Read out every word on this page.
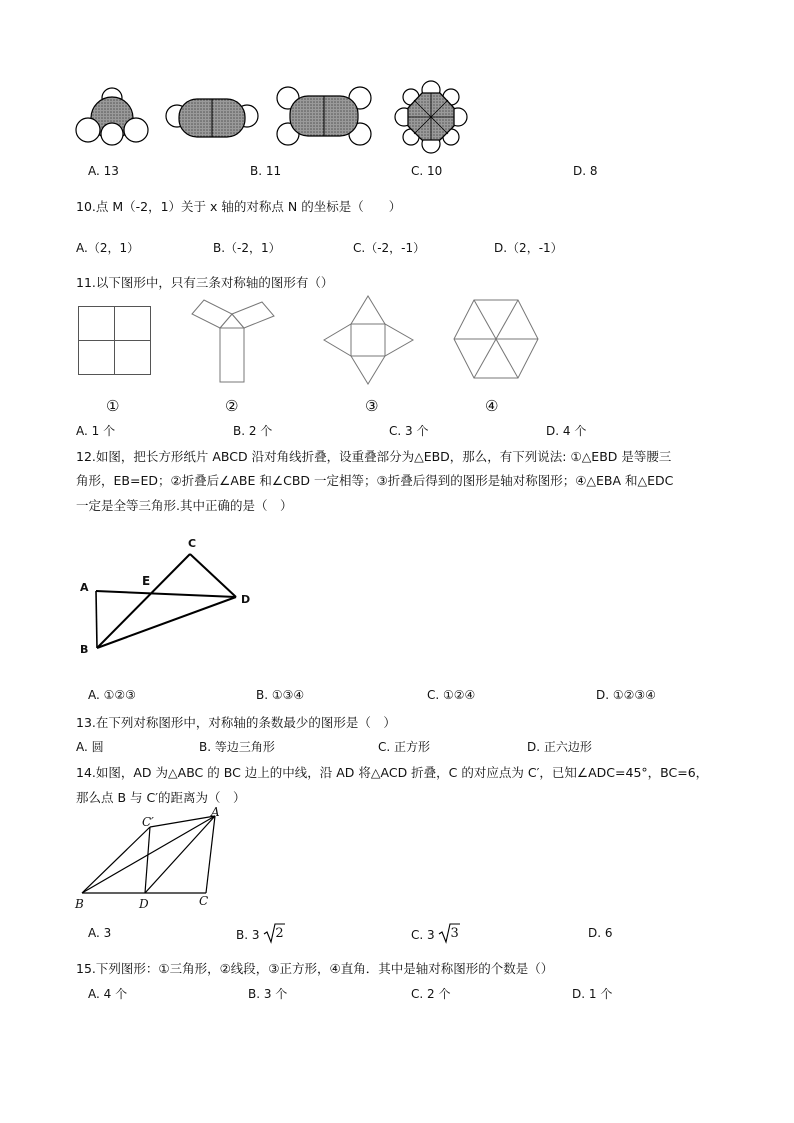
A. 13	B. 11	C. 10	D. 8
10.点 M（-2，1）关于 x 轴的对称点 N 的坐标是（　　）
A.（2，1）	B.（-2，1）	C.（-2，-1）	D.（2，-1）
11.以下图形中，只有三条对称轴的图形有（）
①	②	③	④
A. 1 个	B. 2 个	C. 3 个	D. 4 个
12.如图，把长方形纸片 ABCD 沿对角线折叠，设重叠部分为△EBD，那么，有下列说法: ①△EBD 是等腰三
角形，EB=ED；②折叠后∠ABE 和∠CBD 一定相等；③折叠后得到的图形是轴对称图形；④△EBA 和△EDC
一定是全等三角形.其中正确的是（　）
A
B
C
D
E
A. ①②③	B. ①③④	C. ①②④	D. ①②③④
13.在下列对称图形中，对称轴的条数最少的图形是（　）
A. 圆	B. 等边三角形	C. 正方形	D. 正六边形
14.如图，AD 为△ABC 的 BC 边上的中线，沿 AD 将△ACD 折叠，C 的对应点为 C′，已知∠ADC=45°，BC=6，
那么点 B 与 C′的距离为（　）
A
B	C
D
C′
A. 3	B. 3 2	C. 3 3	D. 6
15.下列图形：①三角形，②线段，③正方形，④直角．其中是轴对称图形的个数是（）
A. 4 个	B. 3 个	C. 2 个	D. 1 个
